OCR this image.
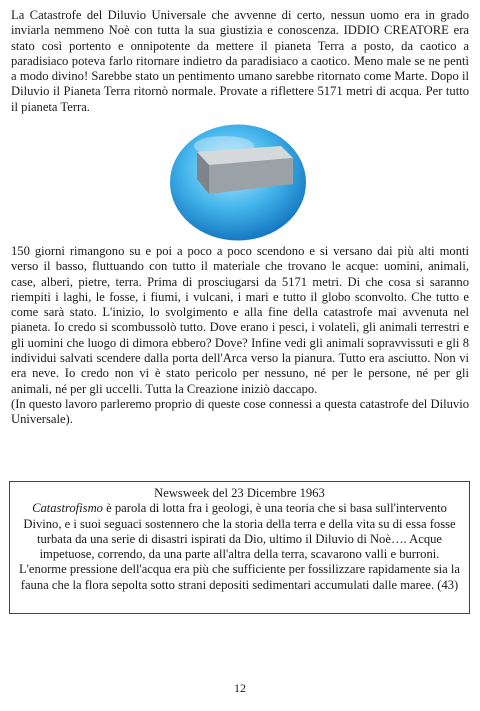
La Catastrofe del Diluvio Universale che avvenne di certo, nessun uomo era in grado inviarla nemmeno Noè con tutta la sua giustizia e conoscenza. IDDIO CREATORE era stato così portento e onnipotente da mettere il pianeta Terra a posto, da caotico a paradisiaco poteva farlo ritornare indietro da paradisiaco a caotico. Meno male se ne pentì a modo divino! Sarebbe stato un pentimento umano sarebbe ritornato come Marte. Dopo il Diluvio il Pianeta Terra ritornò normale. Provate a riflettere 5171 metri di acqua. Per tutto il pianeta Terra.

150 giorni rimangono su e poi a poco a poco scendono e si versano dai più alti monti verso il basso, fluttuando con tutto il materiale che trovano le acque: uomini, animali, case, alberi, pietre, terra. Prima di prosciugarsi da 5171 metri. Di che cosa si saranno riempiti i laghi, le fosse, i fiumi, i vulcani, i mari e tutto il globo sconvolto. Che tutto e come sarà stato. L'inizio, lo svolgimento e alla fine della catastrofe mai avvenuta nel pianeta. Io credo si scombussolò tutto. Dove erano i pesci, i volatelì, gli animali terrestri e gli uomini che luogo di dimora ebbero? Dove? Infine vedi gli animali sopravvissuti e gli 8 individui salvati scendere dalla porta dell'Arca verso la pianura. Tutto era asciutto. Non vi era neve. Io credo non vi è stato pericolo per nessuno, né per le persone, né per gli animali, né per gli uccelli. Tutta la Creazione iniziò daccapo.

(In questo lavoro parleremo proprio di queste cose connessi a questa catastrofe del Diluvio Universale).

Newsweek del 23 Dicembre 1963

Catastrofismo è parola di lotta fra i geologi, è una teoria che si basa sull'intervento Divino, e i suoi seguaci sostennero che la storia della terra e della vita su di essa fosse turbata da una serie di disastri ispirati da Dio, ultimo il Diluvio di Noè…. Acque impetuose, correndo, da una parte all'altra della terra, scavarono valli e burroni. L'enorme pressione dell'acqua era più che sufficiente per fossilizzare rapidamente sia la fauna che la flora sepolta sotto strani depositi sedimentari accumulati dalle maree. (43)

12
